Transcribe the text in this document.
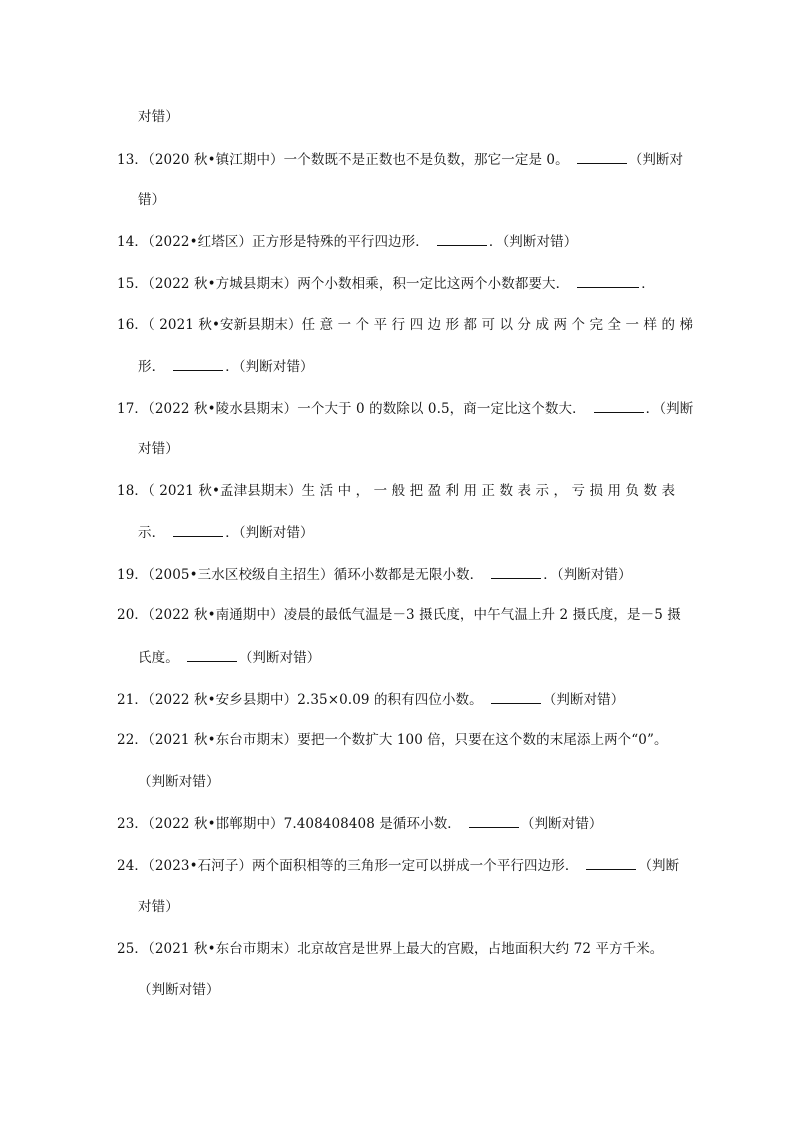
对错）
13．（2020 秋•镇江期中）一个数既不是正数也不是负数，那它一定是 0。	（判断对
错）
14．（2022•红塔区）正方形是特殊的平行四边形．	．（判断对错）
15．（2022 秋•方城县期末）两个小数相乘，积一定比这两个小数都要大．	．
16．（ 2021 秋•安新县期末）任 意 一 个 平 行 四 边 形 都 可 以 分 成 两 个 完 全 一 样 的 梯
形．	．（判断对错）
17．（2022 秋•陵水县期末）一个大于 0 的数除以 0.5，商一定比这个数大．	．（判断
对错）
18．（ 2021 秋•孟津县期末）生 活 中 ， 一 般 把 盈 利 用 正 数 表 示 ， 亏 损 用 负 数 表
示．	．（判断对错）
19．（2005•三水区校级自主招生）循环小数都是无限小数．	．（判断对错）
20．（2022 秋•南通期中）凌晨的最低气温是－3 摄氏度，中午气温上升 2 摄氏度，是－5 摄
氏度。	（判断对错）
21．（2022 秋•安乡县期中）2.35×0.09 的积有四位小数。	（判断对错）
22．（2021 秋•东台市期末）要把一个数扩大 100 倍，只要在这个数的末尾添上两个“0”。
（判断对错）
23．（2022 秋•邯郸期中）7.408408408 是循环小数．	（判断对错）
24．（2023•石河子）两个面积相等的三角形一定可以拼成一个平行四边形．	（判断
对错）
25．（2021 秋•东台市期末）北京故宫是世界上最大的宫殿，占地面积大约 72 平方千米。
（判断对错）
